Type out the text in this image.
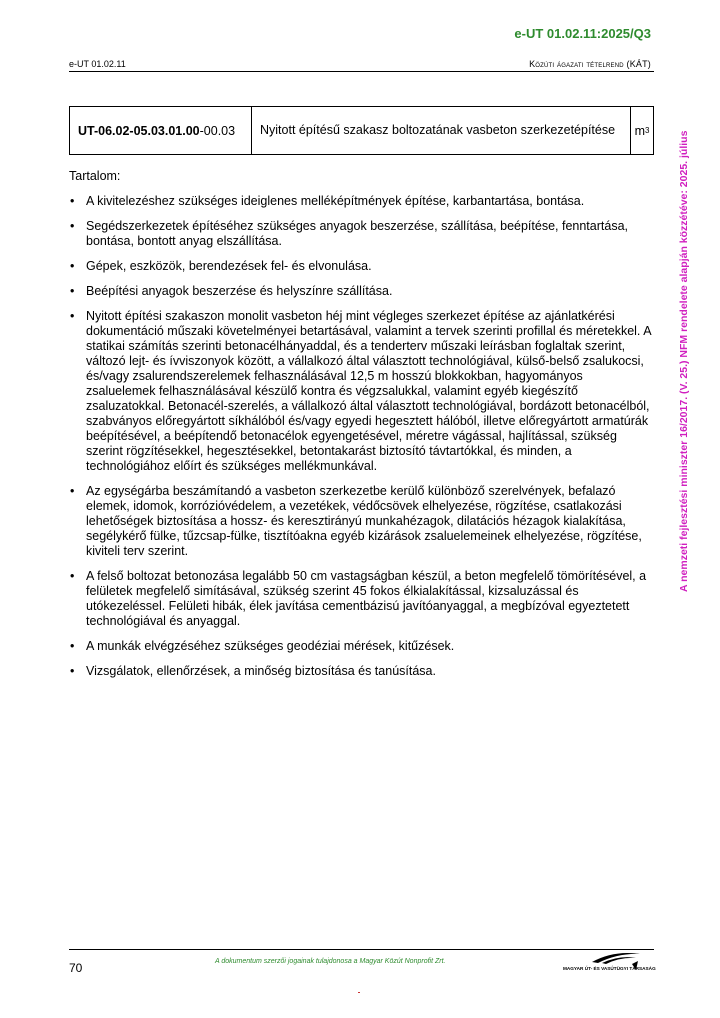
e-UT 01.02.11:2025/Q3
e-UT 01.02.11	Közúti ágazati tételrend (KÁT)
UT-06.02-05.03.01.00 -00.03 Nyitott építésű szakasz boltozatának vasbeton szerkezetépítése m 3	A nemzeti fejlesztési miniszter 16/2017. (V. 25.) NFM rendelete alapján közzétéve: 2025. július
Tartalom:
• A kivitelezéshez szükséges ideiglenes melléképítmények építése, karbantartása, bontása.
• Segédszerkezetek építéséhez szükséges anyagok beszerzése, szállítása, beépítése, fenntartása, bontása, bontott anyag elszállítása.
• Gépek, eszközök, berendezések fel- és elvonulása.
• Beépítési anyagok beszerzése és helyszínre szállítása.
• Nyitott építési szakaszon monolit vasbeton héj mint végleges szerkezet építése az ajánlatkérési dokumentáció műszaki követelményei betartásával, valamint a tervek szerinti profillal és méretekkel. A statikai számítás szerinti betonacélhányaddal, és a tenderterv műszaki leírásban foglaltak szerint, változó lejt- és ívviszonyok között, a vállalkozó által választott technológiával, külső-belső zsalukocsi, és/vagy zsalurendszerelemek felhasználásával 12,5 m hosszú blokkokban, hagyományos zsaluelemek felhasználásával készülő kontra és végzsalukkal, valamint egyéb kiegészítő zsaluzatokkal. Betonacél-szerelés, a vállalkozó által választott technológiával, bordázott betonacélból, szabványos előregyártott síkhálóból és/vagy egyedi hegesztett hálóból, illetve előregyártott armatúrák beépítésével, a beépítendő betonacélok egyengetésével, méretre vágással, hajlítással, szükség szerint rögzítésekkel, hegesztésekkel, betontakarást biztosító távtartókkal, és minden, a technológiához előírt és szükséges mellékmunkával.
• Az egységárba beszámítandó a vasbeton szerkezetbe kerülő különböző szerelvények, befalazó elemek, idomok, korrózióvédelem, a vezetékek, védőcsövek elhelyezése, rögzítése, csatlakozási lehetőségek biztosítása a hossz- és keresztirányú munkahézagok, dilatációs hézagok kialakítása, segélykérő fülke, tűzcsap-fülke, tisztítóakna egyéb kizárások zsaluelemeinek elhelyezése, rögzítése, kiviteli terv szerint.
• A felső boltozat betonozása legalább 50 cm vastagságban készül, a beton megfelelő tömörítésével, a felületek megfelelő simításával, szükség szerint 45 fokos élkialakítással, kizsaluzással és utókezeléssel. Felületi hibák, élek javítása cementbázisú javítóanyaggal, a megbízóval egyeztetett technológiával és anyaggal.
• A munkák elvégzéséhez szükséges geodéziai mérések, kitűzések.
• Vizsgálatok, ellenőrzések, a minőség biztosítása és tanúsítása.
70	A dokumentum szerzői jogainak tulajdonosa a Magyar Közút Nonprofit Zrt.
MAGYAR ÚT- ÉS VASÚTÜGYI TÁRSASÁG
